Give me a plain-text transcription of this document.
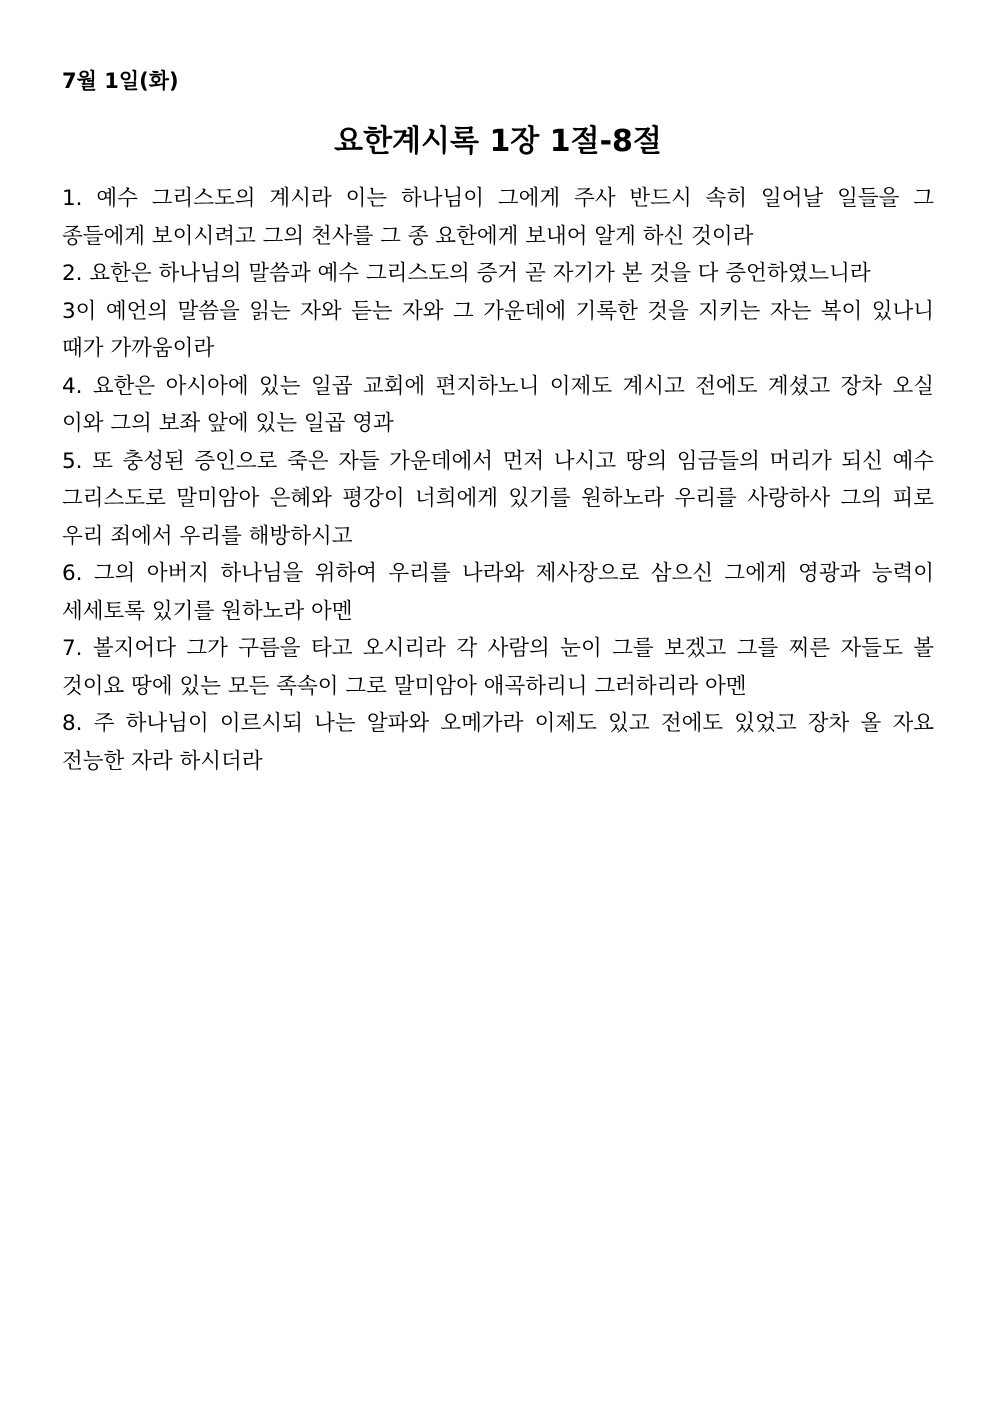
7월 1일(화)

요한계시록 1장 1절-8절

1. 예수 그리스도의 계시라 이는 하나님이 그에게 주사 반드시 속히 일어날 일들을 그 종들에게 보이시려고 그의 천사를 그 종 요한에게 보내어 알게 하신 것이라

2. 요한은 하나님의 말씀과 예수 그리스도의 증거 곧 자기가 본 것을 다 증언하였느니라

3이 예언의 말씀을 읽는 자와 듣는 자와 그 가운데에 기록한 것을 지키는 자는 복이 있나니 때가 가까움이라

4. 요한은 아시아에 있는 일곱 교회에 편지하노니 이제도 계시고 전에도 계셨고 장차 오실 이와 그의 보좌 앞에 있는 일곱 영과

5. 또 충성된 증인으로 죽은 자들 가운데에서 먼저 나시고 땅의 임금들의 머리가 되신 예수 그리스도로 말미암아 은혜와 평강이 너희에게 있기를 원하노라 우리를 사랑하사 그의 피로 우리 죄에서 우리를 해방하시고

6. 그의 아버지 하나님을 위하여 우리를 나라와 제사장으로 삼으신 그에게 영광과 능력이 세세토록 있기를 원하노라 아멘

7. 볼지어다 그가 구름을 타고 오시리라 각 사람의 눈이 그를 보겠고 그를 찌른 자들도 볼 것이요 땅에 있는 모든 족속이 그로 말미암아 애곡하리니 그러하리라 아멘

8. 주 하나님이 이르시되 나는 알파와 오메가라 이제도 있고 전에도 있었고 장차 올 자요 전능한 자라 하시더라
